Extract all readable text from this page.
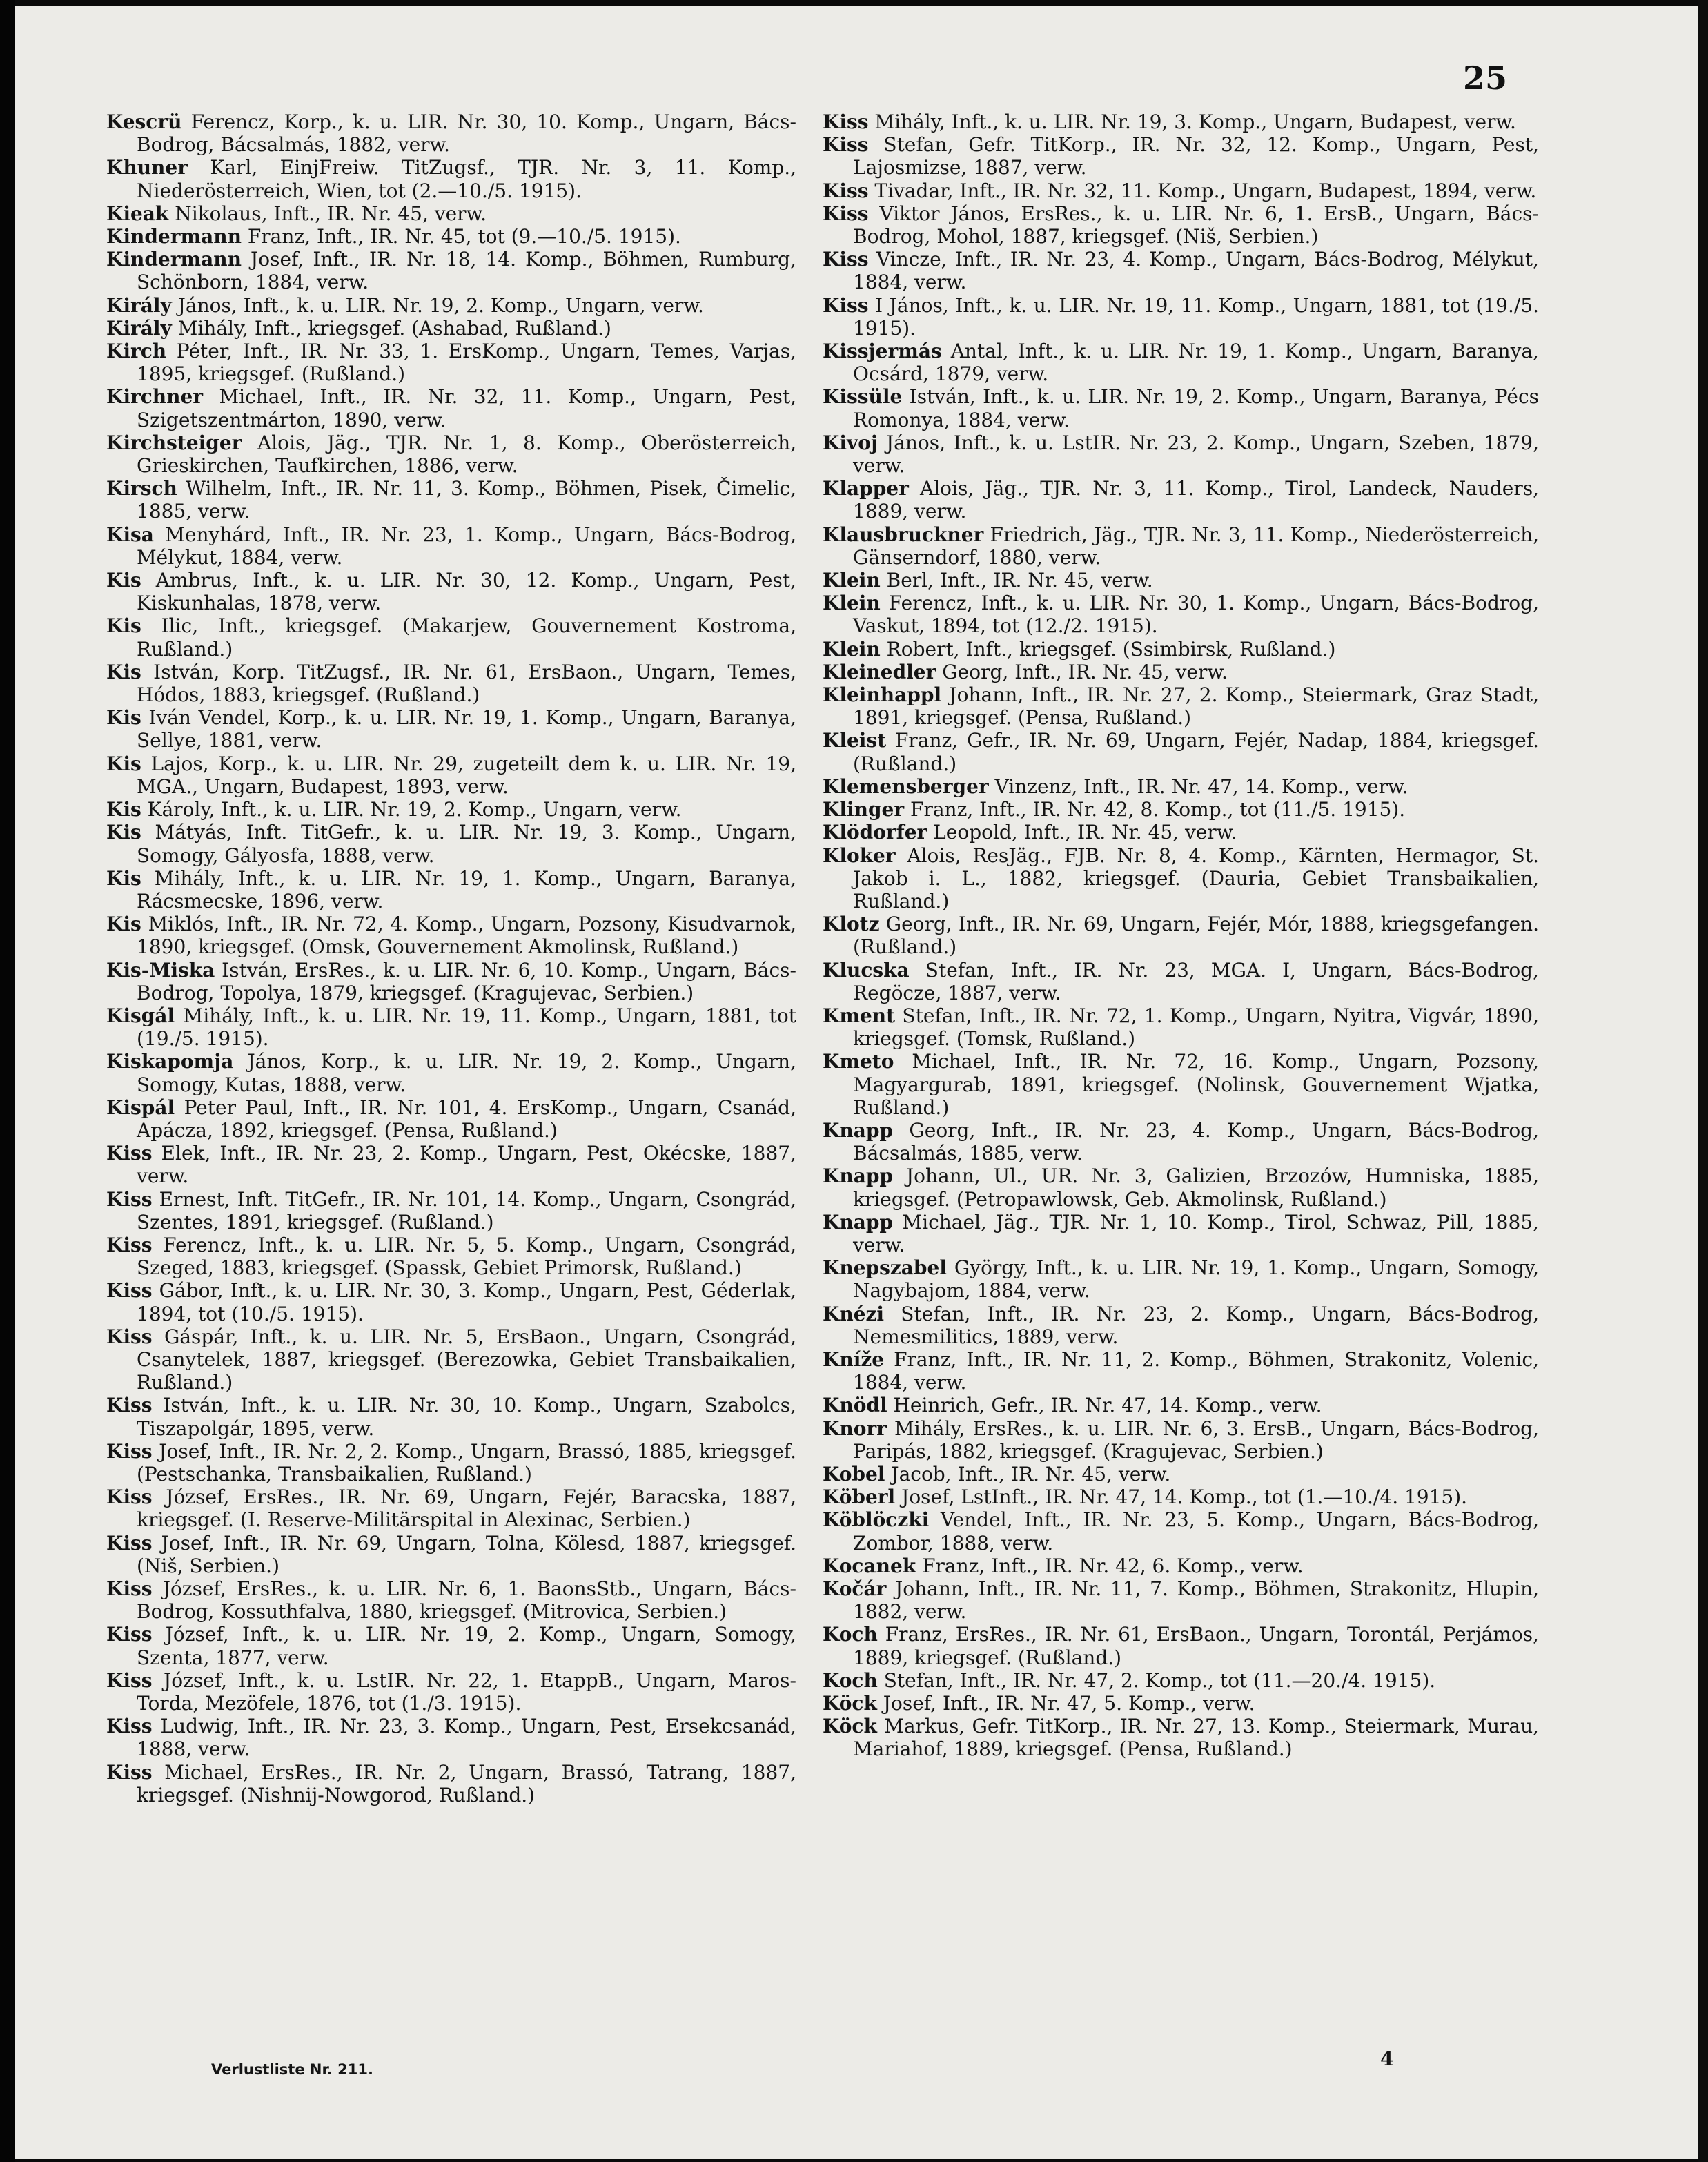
25

Kescrü Ferencz, Korp., k. u. LIR. Nr. 30, 10. Komp., Ungarn, Bács-Bodrog, Bácsalmás, 1882, verw.

Khuner Karl, EinjFreiw. TitZugsf., TJR. Nr. 3, 11. Komp., Niederösterreich, Wien, tot (2.—10./5. 1915).

Kieak Nikolaus, Inft., IR. Nr. 45, verw.

Kindermann Franz, Inft., IR. Nr. 45, tot (9.—10./5. 1915).

Kindermann Josef, Inft., IR. Nr. 18, 14. Komp., Böhmen, Rumburg, Schönborn, 1884, verw.

Király János, Inft., k. u. LIR. Nr. 19, 2. Komp., Ungarn, verw.

Király Mihály, Inft., kriegsgef. (Ashabad, Rußland.)

Kirch Péter, Inft., IR. Nr. 33, 1. ErsKomp., Ungarn, Temes, Varjas, 1895, kriegsgef. (Rußland.)

Kirchner Michael, Inft., IR. Nr. 32, 11. Komp., Ungarn, Pest, Szigetszentmárton, 1890, verw.

Kirchsteiger Alois, Jäg., TJR. Nr. 1, 8. Komp., Oberösterreich, Grieskirchen, Taufkirchen, 1886, verw.

Kirsch Wilhelm, Inft., IR. Nr. 11, 3. Komp., Böhmen, Pisek, Čimelic, 1885, verw.

Kisa Menyhárd, Inft., IR. Nr. 23, 1. Komp., Ungarn, Bács-Bodrog, Mélykut, 1884, verw.

Kis Ambrus, Inft., k. u. LIR. Nr. 30, 12. Komp., Ungarn, Pest, Kiskunhalas, 1878, verw.

Kis Ilic, Inft., kriegsgef. (Makarjew, Gouvernement Kostroma, Rußland.)

Kis István, Korp. TitZugsf., IR. Nr. 61, ErsBaon., Ungarn, Temes, Hódos, 1883, kriegsgef. (Rußland.)

Kis Iván Vendel, Korp., k. u. LIR. Nr. 19, 1. Komp., Ungarn, Baranya, Sellye, 1881, verw.

Kis Lajos, Korp., k. u. LIR. Nr. 29, zugeteilt dem k. u. LIR. Nr. 19, MGA., Ungarn, Budapest, 1893, verw.

Kis Károly, Inft., k. u. LIR. Nr. 19, 2. Komp., Ungarn, verw.

Kis Mátyás, Inft. TitGefr., k. u. LIR. Nr. 19, 3. Komp., Ungarn, Somogy, Gályosfa, 1888, verw.

Kis Mihály, Inft., k. u. LIR. Nr. 19, 1. Komp., Ungarn, Baranya, Rácsmecske, 1896, verw.

Kis Miklós, Inft., IR. Nr. 72, 4. Komp., Ungarn, Pozsony, Kisudvarnok, 1890, kriegsgef. (Omsk, Gouvernement Akmolinsk, Rußland.)

Kis-Miska István, ErsRes., k. u. LIR. Nr. 6, 10. Komp., Ungarn, Bács-Bodrog, Topolya, 1879, kriegsgef. (Kragujevac, Serbien.)

Kisgál Mihály, Inft., k. u. LIR. Nr. 19, 11. Komp., Ungarn, 1881, tot (19./5. 1915).

Kiskapomja János, Korp., k. u. LIR. Nr. 19, 2. Komp., Ungarn, Somogy, Kutas, 1888, verw.

Kispál Peter Paul, Inft., IR. Nr. 101, 4. ErsKomp., Ungarn, Csanád, Apácza, 1892, kriegsgef. (Pensa, Rußland.)

Kiss Elek, Inft., IR. Nr. 23, 2. Komp., Ungarn, Pest, Okécske, 1887, verw.

Kiss Ernest, Inft. TitGefr., IR. Nr. 101, 14. Komp., Ungarn, Csongrád, Szentes, 1891, kriegsgef. (Rußland.)

Kiss Ferencz, Inft., k. u. LIR. Nr. 5, 5. Komp., Ungarn, Csongrád, Szeged, 1883, kriegsgef. (Spassk, Gebiet Primorsk, Rußland.)

Kiss Gábor, Inft., k. u. LIR. Nr. 30, 3. Komp., Ungarn, Pest, Géderlak, 1894, tot (10./5. 1915).

Kiss Gáspár, Inft., k. u. LIR. Nr. 5, ErsBaon., Ungarn, Csongrád, Csanytelek, 1887, kriegsgef. (Berezowka, Gebiet Transbaikalien, Rußland.)

Kiss István, Inft., k. u. LIR. Nr. 30, 10. Komp., Ungarn, Szabolcs, Tiszapolgár, 1895, verw.

Kiss Josef, Inft., IR. Nr. 2, 2. Komp., Ungarn, Brassó, 1885, kriegsgef. (Pestschanka, Transbaikalien, Rußland.)

Kiss József, ErsRes., IR. Nr. 69, Ungarn, Fejér, Baracska, 1887, kriegsgef. (I. Reserve-Militärspital in Alexinac, Serbien.)

Kiss Josef, Inft., IR. Nr. 69, Ungarn, Tolna, Kölesd, 1887, kriegsgef. (Niš, Serbien.)

Kiss József, ErsRes., k. u. LIR. Nr. 6, 1. BaonsStb., Ungarn, Bács-Bodrog, Kossuthfalva, 1880, kriegsgef. (Mitrovica, Serbien.)

Kiss József, Inft., k. u. LIR. Nr. 19, 2. Komp., Ungarn, Somogy, Szenta, 1877, verw.

Kiss József, Inft., k. u. LstIR. Nr. 22, 1. EtappB., Ungarn, Maros-Torda, Mezöfele, 1876, tot (1./3. 1915).

Kiss Ludwig, Inft., IR. Nr. 23, 3. Komp., Ungarn, Pest, Ersekcsanád, 1888, verw.

Kiss Michael, ErsRes., IR. Nr. 2, Ungarn, Brassó, Tatrang, 1887, kriegsgef. (Nishnij-Nowgorod, Rußland.)

Kiss Mihály, Inft., k. u. LIR. Nr. 19, 3. Komp., Ungarn, Budapest, verw.

Kiss Stefan, Gefr. TitKorp., IR. Nr. 32, 12. Komp., Ungarn, Pest, Lajosmizse, 1887, verw.

Kiss Tivadar, Inft., IR. Nr. 32, 11. Komp., Ungarn, Budapest, 1894, verw.

Kiss Viktor János, ErsRes., k. u. LIR. Nr. 6, 1. ErsB., Ungarn, Bács-Bodrog, Mohol, 1887, kriegsgef. (Niš, Serbien.)

Kiss Vincze, Inft., IR. Nr. 23, 4. Komp., Ungarn, Bács-Bodrog, Mélykut, 1884, verw.

Kiss I János, Inft., k. u. LIR. Nr. 19, 11. Komp., Ungarn, 1881, tot (19./5. 1915).

Kissjermás Antal, Inft., k. u. LIR. Nr. 19, 1. Komp., Ungarn, Baranya, Ocsárd, 1879, verw.

Kissüle István, Inft., k. u. LIR. Nr. 19, 2. Komp., Ungarn, Baranya, Pécs Romonya, 1884, verw.

Kivoj János, Inft., k. u. LstIR. Nr. 23, 2. Komp., Ungarn, Szeben, 1879, verw.

Klapper Alois, Jäg., TJR. Nr. 3, 11. Komp., Tirol, Landeck, Nauders, 1889, verw.

Klausbruckner Friedrich, Jäg., TJR. Nr. 3, 11. Komp., Niederösterreich, Gänserndorf, 1880, verw.

Klein Berl, Inft., IR. Nr. 45, verw.

Klein Ferencz, Inft., k. u. LIR. Nr. 30, 1. Komp., Ungarn, Bács-Bodrog, Vaskut, 1894, tot (12./2. 1915).

Klein Robert, Inft., kriegsgef. (Ssimbirsk, Rußland.)

Kleinedler Georg, Inft., IR. Nr. 45, verw.

Kleinhappl Johann, Inft., IR. Nr. 27, 2. Komp., Steiermark, Graz Stadt, 1891, kriegsgef. (Pensa, Rußland.)

Kleist Franz, Gefr., IR. Nr. 69, Ungarn, Fejér, Nadap, 1884, kriegsgef. (Rußland.)

Klemensberger Vinzenz, Inft., IR. Nr. 47, 14. Komp., verw.

Klinger Franz, Inft., IR. Nr. 42, 8. Komp., tot (11./5. 1915).

Klödorfer Leopold, Inft., IR. Nr. 45, verw.

Kloker Alois, ResJäg., FJB. Nr. 8, 4. Komp., Kärnten, Hermagor, St. Jakob i. L., 1882, kriegsgef. (Dauria, Gebiet Transbaikalien, Rußland.)

Klotz Georg, Inft., IR. Nr. 69, Ungarn, Fejér, Mór, 1888, kriegsgefangen. (Rußland.)

Klucska Stefan, Inft., IR. Nr. 23, MGA. I, Ungarn, Bács-Bodrog, Regöcze, 1887, verw.

Kment Stefan, Inft., IR. Nr. 72, 1. Komp., Ungarn, Nyitra, Vigvár, 1890, kriegsgef. (Tomsk, Rußland.)

Kmeto Michael, Inft., IR. Nr. 72, 16. Komp., Ungarn, Pozsony, Magyargurab, 1891, kriegsgef. (Nolinsk, Gouvernement Wjatka, Rußland.)

Knapp Georg, Inft., IR. Nr. 23, 4. Komp., Ungarn, Bács-Bodrog, Bácsalmás, 1885, verw.

Knapp Johann, Ul., UR. Nr. 3, Galizien, Brzozów, Humniska, 1885, kriegsgef. (Petropawlowsk, Geb. Akmolinsk, Rußland.)

Knapp Michael, Jäg., TJR. Nr. 1, 10. Komp., Tirol, Schwaz, Pill, 1885, verw.

Knepszabel György, Inft., k. u. LIR. Nr. 19, 1. Komp., Ungarn, Somogy, Nagybajom, 1884, verw.

Knézi Stefan, Inft., IR. Nr. 23, 2. Komp., Ungarn, Bács-Bodrog, Nemesmilitics, 1889, verw.

Kníže Franz, Inft., IR. Nr. 11, 2. Komp., Böhmen, Strakonitz, Volenic, 1884, verw.

Knödl Heinrich, Gefr., IR. Nr. 47, 14. Komp., verw.

Knorr Mihály, ErsRes., k. u. LIR. Nr. 6, 3. ErsB., Ungarn, Bács-Bodrog, Paripás, 1882, kriegsgef. (Kragujevac, Serbien.)

Kobel Jacob, Inft., IR. Nr. 45, verw.

Köberl Josef, LstInft., IR. Nr. 47, 14. Komp., tot (1.—10./4. 1915).

Köblöczki Vendel, Inft., IR. Nr. 23, 5. Komp., Ungarn, Bács-Bodrog, Zombor, 1888, verw.

Kocanek Franz, Inft., IR. Nr. 42, 6. Komp., verw.

Kočár Johann, Inft., IR. Nr. 11, 7. Komp., Böhmen, Strakonitz, Hlupin, 1882, verw.

Koch Franz, ErsRes., IR. Nr. 61, ErsBaon., Ungarn, Torontál, Perjámos, 1889, kriegsgef. (Rußland.)

Koch Stefan, Inft., IR. Nr. 47, 2. Komp., tot (11.—20./4. 1915).

Köck Josef, Inft., IR. Nr. 47, 5. Komp., verw.

Köck Markus, Gefr. TitKorp., IR. Nr. 27, 13. Komp., Steiermark, Murau, Mariahof, 1889, kriegsgef. (Pensa, Rußland.)

Verlustliste Nr. 211.	4
